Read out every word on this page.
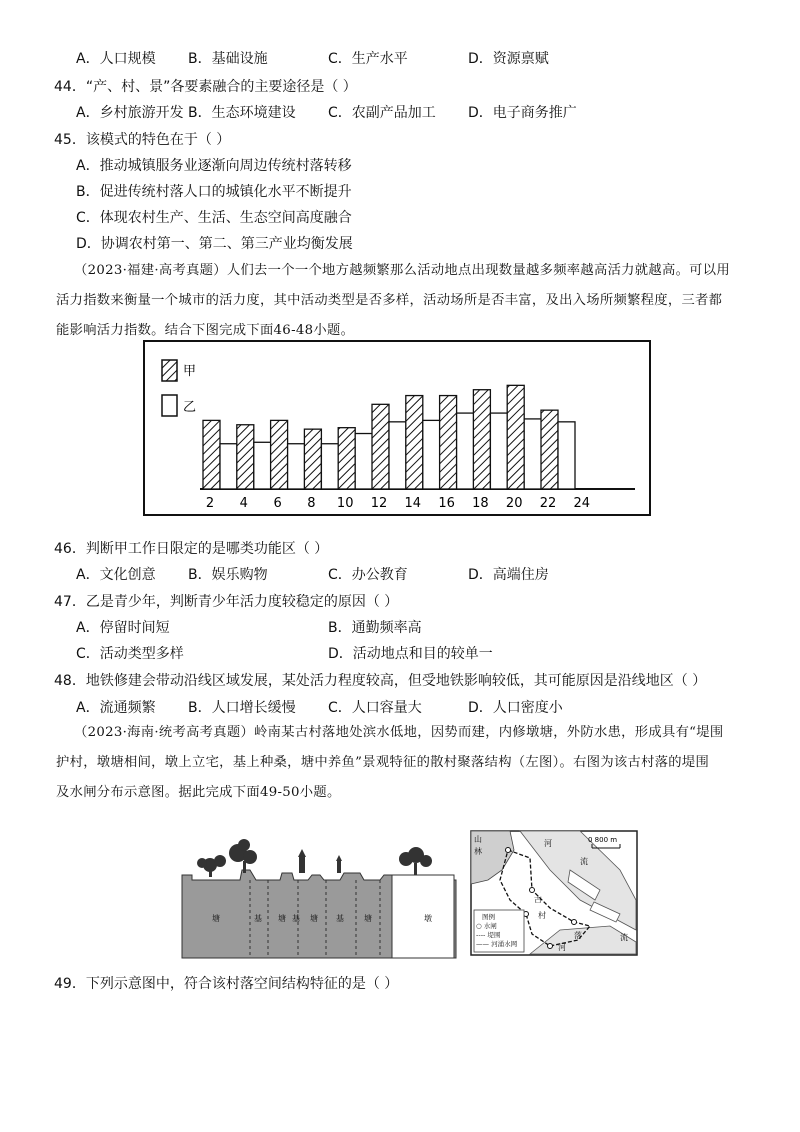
A．人口规模 B．基础设施	C．生产水平	D．资源禀赋
44．“产、村、景”各要素融合的主要途径是（ ）
A．乡村旅游开发 B．生态环境建设 C．农副产品加工 D．电子商务推广
45．该模式的特色在于（ ）
A．推动城镇服务业逐渐向周边传统村落转移
B．促进传统村落人口的城镇化水平不断提升
C．体现农村生产、生活、生态空间高度融合
D．协调农村第一、第二、第三产业均衡发展
（2023·福建·高考真题）人们去一个一个地方越频繁那么活动地点出现数量越多频率越高活力就越高。可以用
活力指数来衡量一个城市的活力度，其中活动类型是否多样，活动场所是否丰富，及出入场所频繁程度，三者都
能影响活力指数。结合下图完成下面46-48小题。
甲
乙
2 4 6 8 10 12 14 16 18 20 22 24
46．判断甲工作日限定的是哪类功能区（ ）
A．文化创意 B．娱乐购物	C．办公教育	D．高端住房
47．乙是青少年，判断青少年活力度较稳定的原因（ ）
A．停留时间短	B．通勤频率高
C．活动类型多样	D．活动地点和目的较单一
48．地铁修建会带动沿线区域发展，某处活力程度较高，但受地铁影响较低，其可能原因是沿线地区（ ）
A．流通频繁 B．人口增长缓慢 C．人口容量大	D．人口密度小
（2023·海南·统考高考真题）岭南某古村落地处滨水低地，因势而建，内修墩塘，外防水患，形成具有“堤围
护村，墩塘相间，墩上立宅，基上种桑，塘中养鱼”景观特征的散村聚落结构（左图）。右图为该古村落的堤围
及水闸分布示意图。据此完成下面49-50小题。
塘	基 塘 基 塘 基	塘	墩
0 800 m
山
林
河
流
古
村
落
河
流
图例
○ 水闸
---- 堤围
—— 河涌水网
49．下列示意图中，符合该村落空间结构特征的是（ ）
